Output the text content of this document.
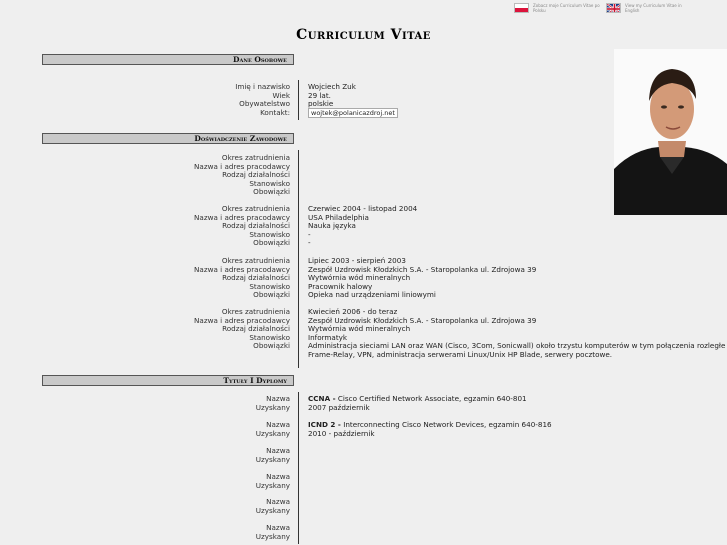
Zobacz moje Curriculum Vitae po Polsku
View my Curriculum Vitae in English
Curriculum Vitae
Dane Osobowe
Imię i nazwisko	Wojciech Zuk
Wiek	29 lat.
Obywatelstwo	polskie
Kontakt:	wojtek@polanicazdroj.net
Doświadczenie Zawodowe
Okres zatrudnienia
Nazwa i adres pracodawcy
Rodzaj działalności
Stanowisko
Obowiązki
Okres zatrudnienia	Czerwiec 2004 - listopad 2004
Nazwa i adres pracodawcy	USA Philadelphia
Rodzaj działalności	Nauka języka
Stanowisko	-
Obowiązki	-
Okres zatrudnienia	Lipiec 2003 - sierpień 2003
Nazwa i adres pracodawcy	Zespół Uzdrowisk Kłodzkich S.A. - Staropolanka ul. Zdrojowa 39
Rodzaj działalności	Wytwórnia wód mineralnych
Stanowisko	Pracownik halowy
Obowiązki	Opieka nad urządzeniami liniowymi
Okres zatrudnienia	Kwiecień 2006 - do teraz
Nazwa i adres pracodawcy	Zespół Uzdrowisk Kłodzkich S.A. - Staropolanka ul. Zdrojowa 39
Rodzaj działalności	Wytwórnia wód mineralnych
Stanowisko	Informatyk
Obowiązki	Administracja sieciami LAN oraz WAN (Cisco, 3Com, Sonicwall) około trzystu komputerów w tym połączenia rozległe
Frame-Relay, VPN, administracja serwerami Linux/Unix HP Blade, serwery pocztowe.
Tytuły I Dyplomy
Nazwa	CCNA - Cisco Certified Network Associate, egzamin 640-801
Uzyskany	2007 październik
Nazwa	ICND 2 - Interconnecting Cisco Network Devices, egzamin 640-816
Uzyskany	2010 - październik
Nazwa
Uzyskany
Nazwa
Uzyskany
Nazwa
Uzyskany
Nazwa
Uzyskany
